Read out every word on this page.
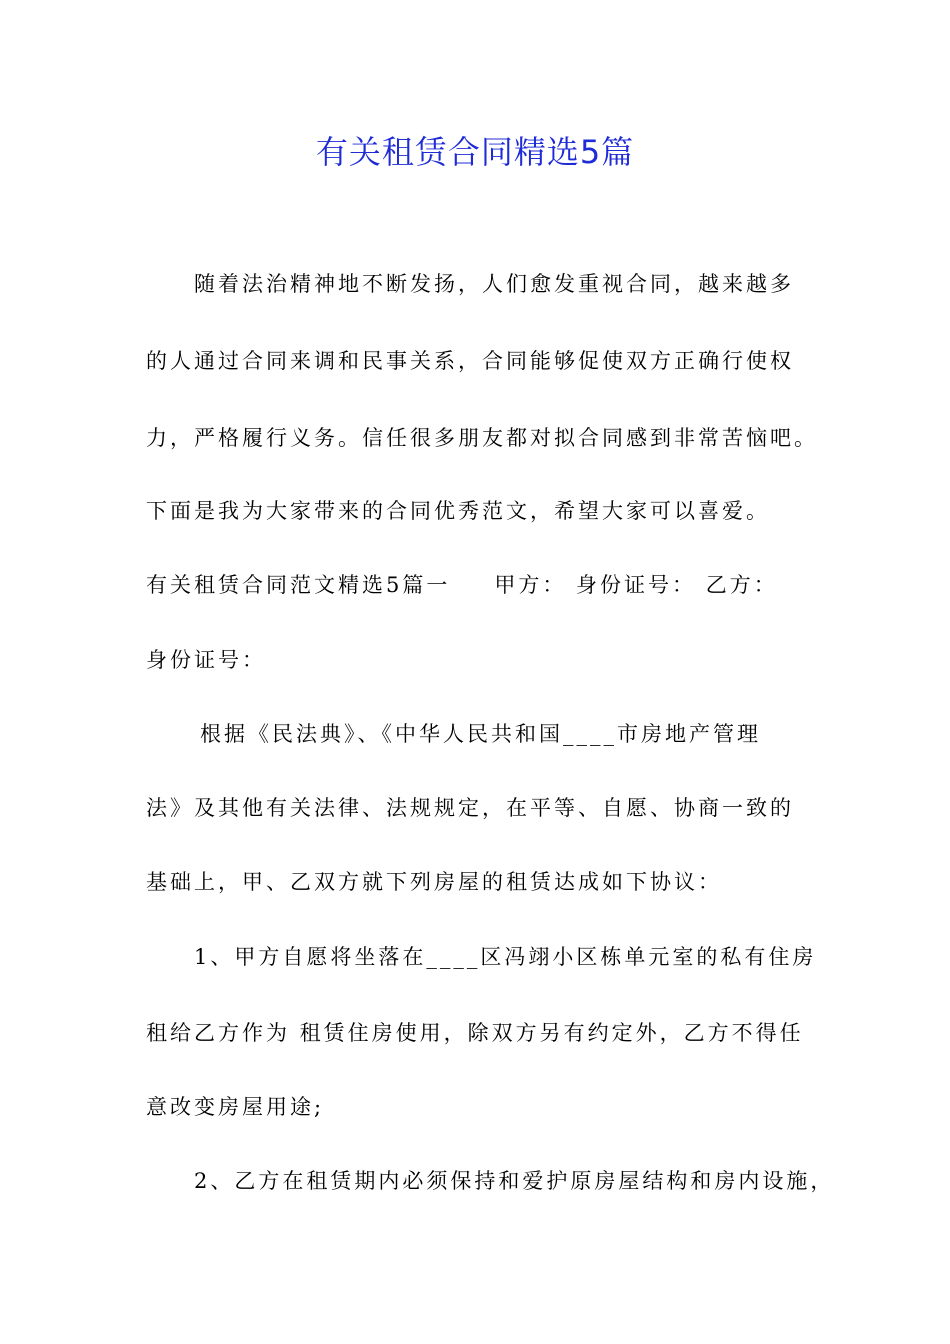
有关租赁合同精选5篇
随着法治精神地不断发扬，人们愈发重视合同，越来越多
的人通过合同来调和民事关系，合同能够促使双方正确行使权
力，严格履行义务。信任很多朋友都对拟合同感到非常苦恼吧。
下面是我为大家带来的合同优秀范文，希望大家可以喜爱。
有关租赁合同范文精选5篇一 甲方： 身份证号： 乙方：
身份证号：
根据《民法典》、《中华人民共和国____市房地产管理
法》及其他有关法律、法规规定，在平等、自愿、协商一致的
基础上，甲、乙双方就下列房屋的租赁达成如下协议：
1、甲方自愿将坐落在____区冯翊小区栋单元室的私有住房
租给乙方作为 租赁住房使用，除双方另有约定外，乙方不得任
意改变房屋用途;
2、乙方在租赁期内必须保持和爱护原房屋结构和房内设施，
